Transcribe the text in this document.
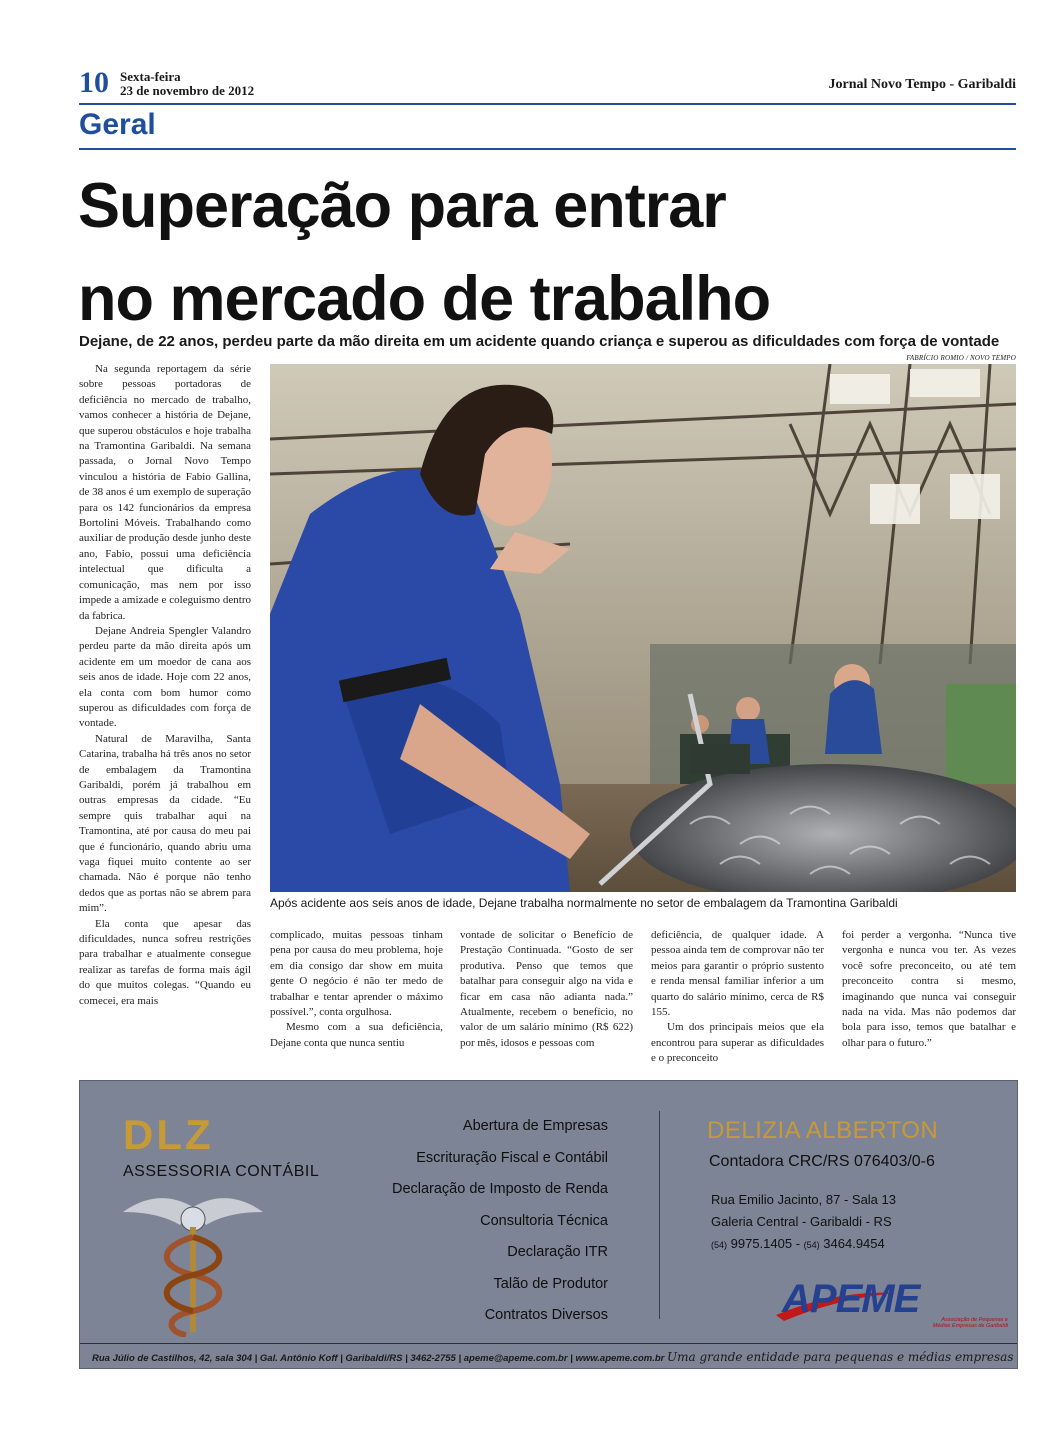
10 Sexta-feira
23 de novembro de 2012	Jornal Novo Tempo - Garibaldi
Geral
Superação para entrar
no mercado de trabalho
Dejane, de 22 anos, perdeu parte da mão direita em um acidente quando criança e superou as dificuldades com força de vontade
FABRÍCIO ROMIO / NOVO TEMPO
Após acidente aos seis anos de idade, Dejane trabalha normalmente no setor de embalagem da Tramontina Garibaldi

Na segunda reportagem da série sobre pessoas portadoras de deficiência no mercado de trabalho, vamos conhecer a história de Dejane, que superou obstáculos e hoje trabalha na Tramontina Garibaldi. Na semana passada, o Jornal Novo Tempo vinculou a história de Fabio Gallina, de 38 anos é um exemplo de superação para os 142 funcionários da empresa Bortolini Móveis. Trabalhando como auxiliar de produção desde junho deste ano, Fabio, possui uma deficiência intelectual que dificulta a comunicação, mas nem por isso impede a amizade e coleguismo dentro da fabrica.

Dejane Andreia Spengler Valandro perdeu parte da mão direita após um acidente em um moedor de cana aos seis anos de idade. Hoje com 22 anos, ela conta com bom humor como superou as dificuldades com força de vontade.

Natural de Maravilha, Santa Catarina, trabalha há três anos no setor de embalagem da Tramontina Garibaldi, porém já trabalhou em outras empresas da cidade. “Eu sempre quis trabalhar aqui na Tramontina, até por causa do meu pai que é funcionário, quando abriu uma vaga fiquei muito contente ao ser chamada. Não é porque não tenho dedos que as portas não se abrem para mim”.

Ela conta que apesar das dificuldades, nunca sofreu restrições para trabalhar e atualmente consegue realizar as tarefas de forma mais ágil do que muitos colegas. “Quando eu comecei, era mais

complicado, muitas pessoas tinham pena por causa do meu problema, hoje em dia consigo dar show em muita gente O negócio é não ter medo de trabalhar e tentar aprender o máximo possível.”, conta orgulhosa.

Mesmo com a sua deficiência, Dejane conta que nunca sentiu

vontade de solicitar o Benefício de Prestação Continuada. “Gosto de ser produtiva. Penso que temos que batalhar para conseguir algo na vida e ficar em casa não adianta nada.” Atualmente, recebem o benefício, no valor de um salário mínimo (R$ 622) por mês, idosos e pessoas com

deficiência, de qualquer idade. A pessoa ainda tem de comprovar não ter meios para garantir o próprio sustento e renda mensal familiar inferior a um quarto do salário mínimo, cerca de R$ 155.

Um dos principais meios que ela encontrou para superar as dificuldades e o preconceito

foi perder a vergonha. “Nunca tive vergonha e nunca vou ter. As vezes você sofre preconceito, ou até tem preconceito contra si mesmo, imaginando que nunca vai conseguir nada na vida. Mas não podemos dar bola para isso, temos que batalhar e olhar para o futuro.”

DLZ
ASSESSORIA CONTÁBIL
Abertura de Empresas
Escrituração Fiscal e Contábil
Declaração de Imposto de Renda
Consultoria Técnica
Declaração ITR
Talão de Produtor
Contratos Diversos
DELIZIA ALBERTON
Contadora CRC/RS 076403/0-6
Rua Emilio Jacinto, 87 - Sala 13
Galeria Central - Garibaldi - RS
(54) 9975.1405 - (54) 3464.9454
APEME	Associação de Pequenas e Médias Empresas de Garibaldi
Rua Júlio de Castilhos, 42, sala 304 | Gal. Antônio Koff | Garibaldi/RS | 3462-2755 | apeme@apeme.com.br | www.apeme.com.br Uma grande entidade para pequenas e médias empresas
